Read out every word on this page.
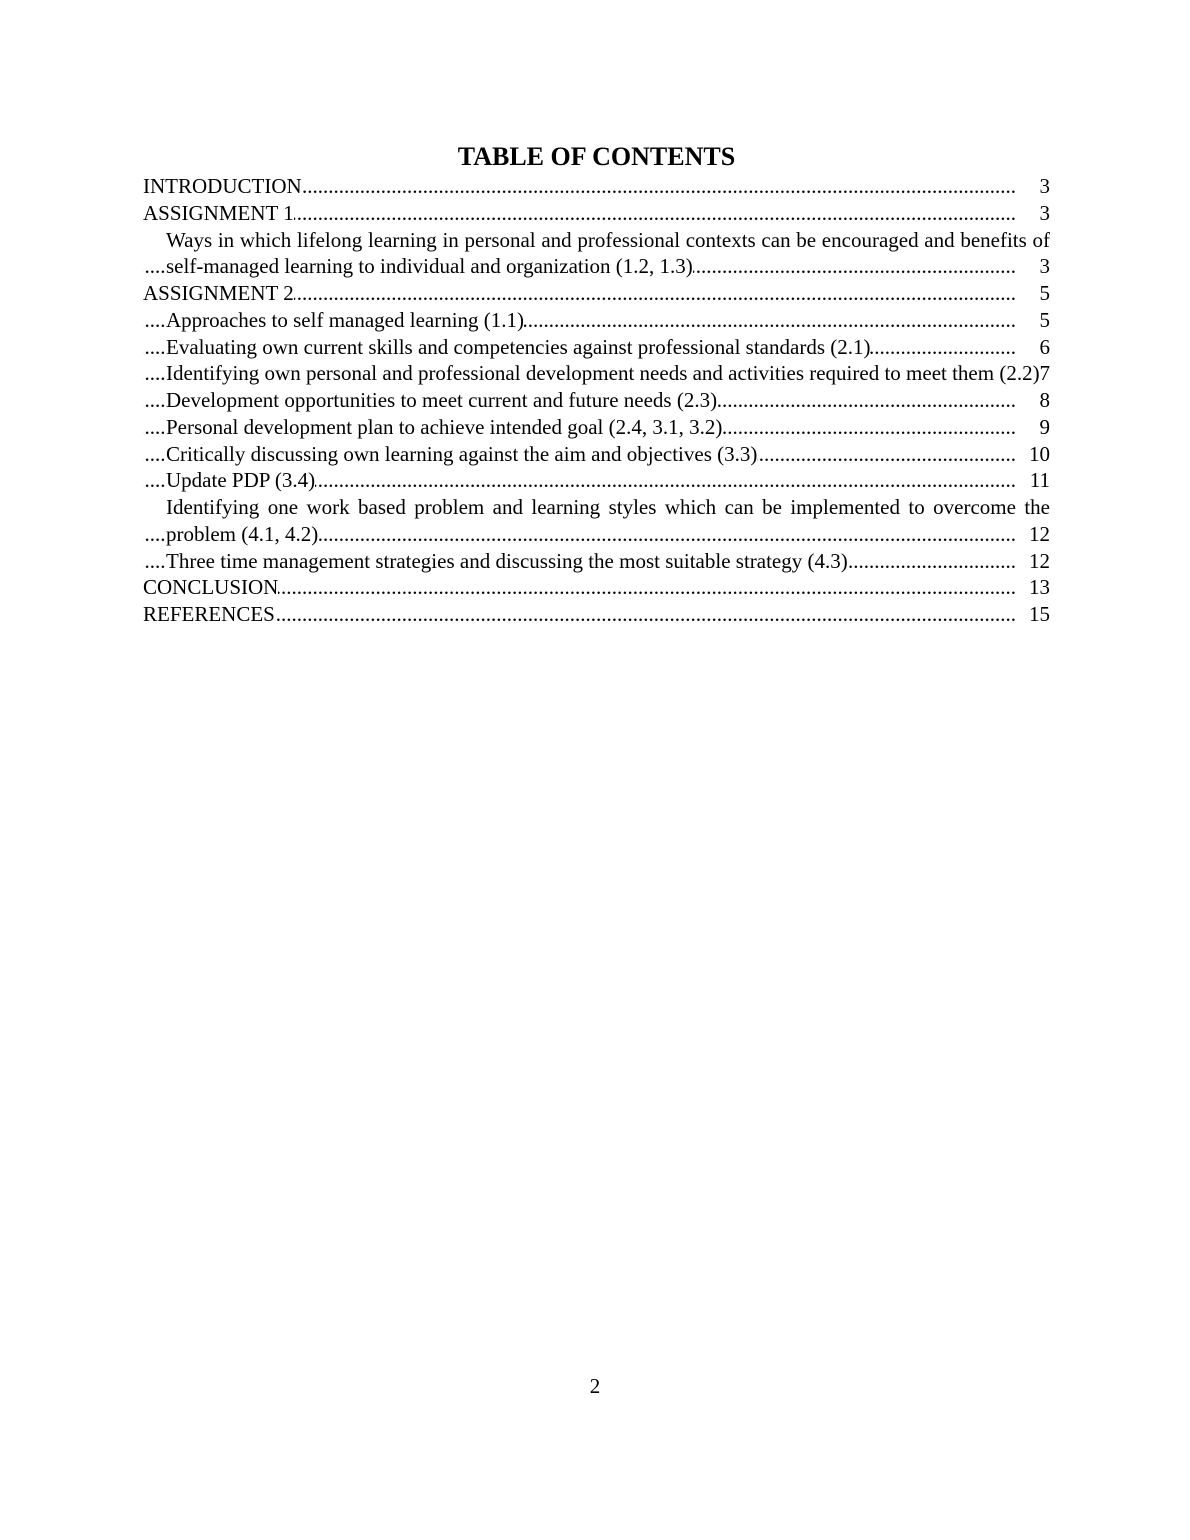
TABLE OF CONTENTS
.....
INTRODUCTION	3
.....
ASSIGNMENT 1	3
.....
Ways in which lifelong learning in personal and professional contexts can be encouraged and benefits of self-managed learning to individual and organization (1.2, 1.3)	3
.....
ASSIGNMENT 2	5
.....
Approaches to self managed learning (1.1)	5
.....
Evaluating own current skills and competencies against professional standards (2.1)	6
.....
Identifying own personal and professional development needs and activities required to meet them (2.2) 7
.....
Development opportunities to meet current and future needs (2.3)	8
.....
Personal development plan to achieve intended goal (2.4, 3.1, 3.2)	9
.....
Critically discussing own learning against the aim and objectives (3.3)	10
.....
Update PDP (3.4)	11
.....
Identifying one work based problem and learning styles which can be implemented to overcome the problem (4.1, 4.2)	12
.....
Three time management strategies and discussing the most suitable strategy (4.3)	12
.....
CONCLUSION	13
.....
REFERENCES	15
2
